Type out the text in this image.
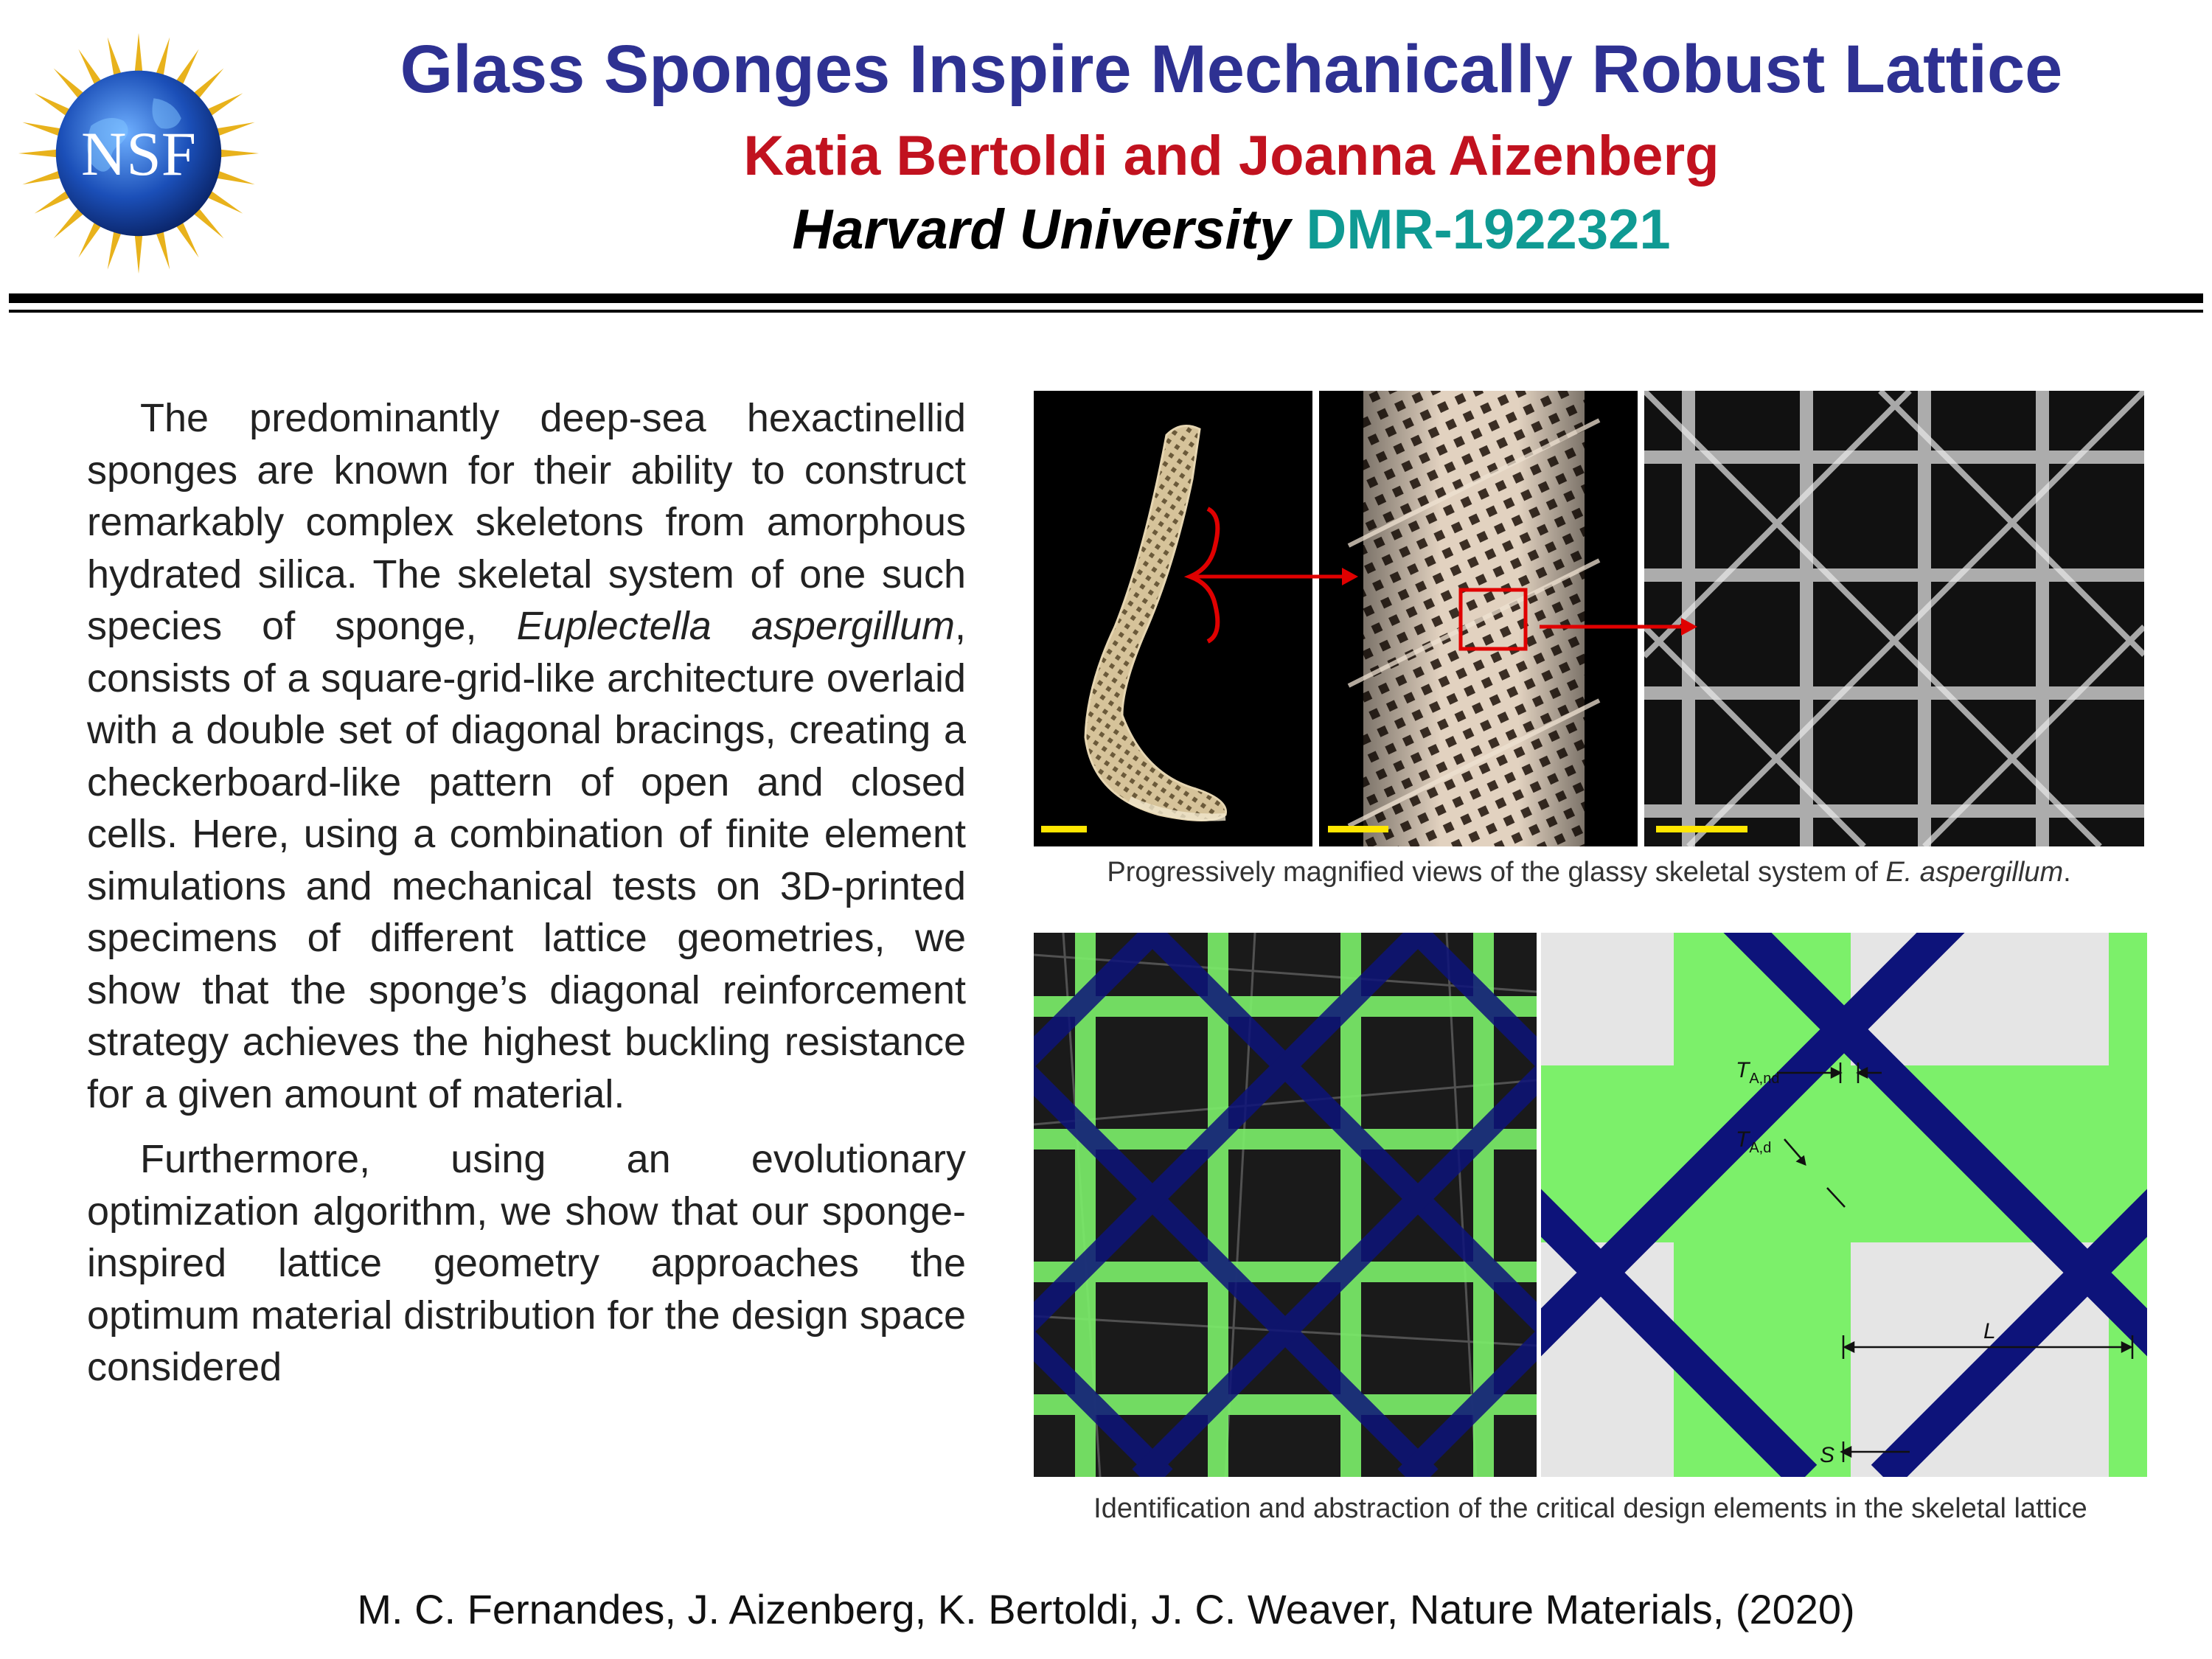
NSF
Glass Sponges Inspire Mechanically Robust Lattice
Katia Bertoldi and Joanna Aizenberg
Harvard University DMR-1922321

The predominantly deep-sea hexactinellid sponges are known for their ability to construct remarkably complex skeletons from amorphous hydrated silica. The skeletal system of one such species of sponge, Euplectella aspergillum, consists of a square-grid-like architecture overlaid with a double set of diagonal bracings, creating a checkerboard-like pattern of open and closed cells. Here, using a combination of finite element simulations and mechanical tests on 3D-printed specimens of different lattice geometries, we show that the sponge’s diagonal reinforcement strategy achieves the highest buckling resistance for a given amount of material.

Furthermore, using an evolutionary optimization algorithm, we show that our sponge-inspired lattice geometry approaches the optimum material distribution for the design space considered

Progressively magnified views of the glassy skeletal system of E. aspergillum.
$T_{A,nd}$
$T_{A,d}$
L
S
Identification and abstraction of the critical design elements in the skeletal lattice
M. C. Fernandes, J. Aizenberg, K. Bertoldi, J. C. Weaver, Nature Materials, (2020)
